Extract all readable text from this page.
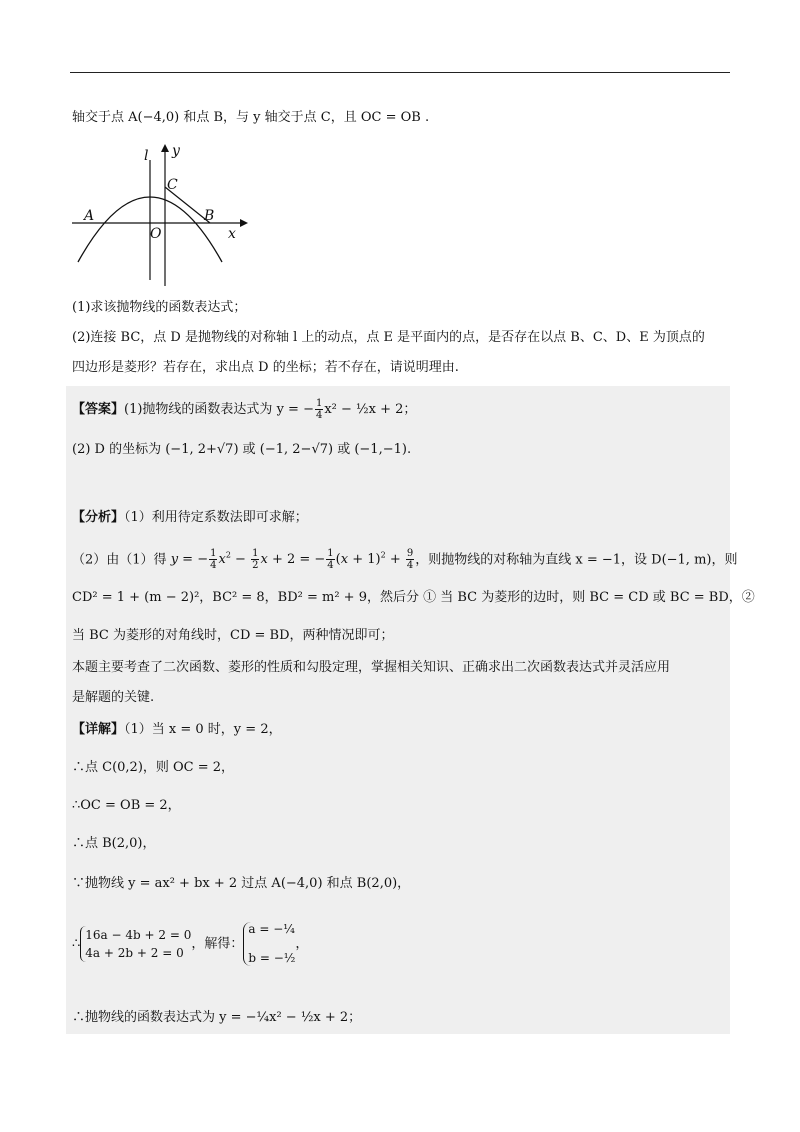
轴交于点 A(−4,0) 和点 B，与 y 轴交于点 C，且 OC = OB .
l y
C
A
O
B
x
(1)求该抛物线的函数表达式；
(2)连接 BC，点 D 是抛物线的对称轴 l 上的动点，点 E 是平面内的点，是否存在以点 B、C、D、E 为顶点的
四边形是菱形？若存在，求出点 D 的坐标；若不存在，请说明理由.
【答案】(1)抛物线的函数表达式为 y = − $\frac{1}{4} x^2$ − ½x + 2；
(2) D 的坐标为 (−1, 2+√7) 或 (−1, 2−√7) 或 (−1,−1).
【分析】（1）利用待定系数法即可求解；
（2）由（1）得 y = − $\frac{1}{4} x^2 - \frac{1}{2}$ x + 2 = − $\frac{1}{4} (x + 1)^2 + \frac{9}{4}$ ，则抛物线的对称轴为直线 x = −1，设 D(−1, m)，则
CD² = 1 + (m − 2)²，BC² = 8，BD² = m² + 9，然后分 ① 当 BC 为菱形的边时，则 BC = CD 或 BC = BD，②
当 BC 为菱形的对角线时，CD = BD，两种情况即可；
本题主要考查了二次函数、菱形的性质和勾股定理，掌握相关知识、正确求出二次函数表达式并灵活应用
是解题的关键.
【详解】（1）当 x = 0 时，y = 2，
∴点 C(0,2)，则 OC = 2，
∴OC = OB = 2，
∴点 B(2,0)，
∵抛物线 y = ax² + bx + 2 过点 A(−4,0) 和点 B(2,0)，
∴
16a − 4b + 2 = 0
4a + 2b + 2 = 0
，解得：
a = −¼
b = −½
，
∴抛物线的函数表达式为 y = −¼x² − ½x + 2；
